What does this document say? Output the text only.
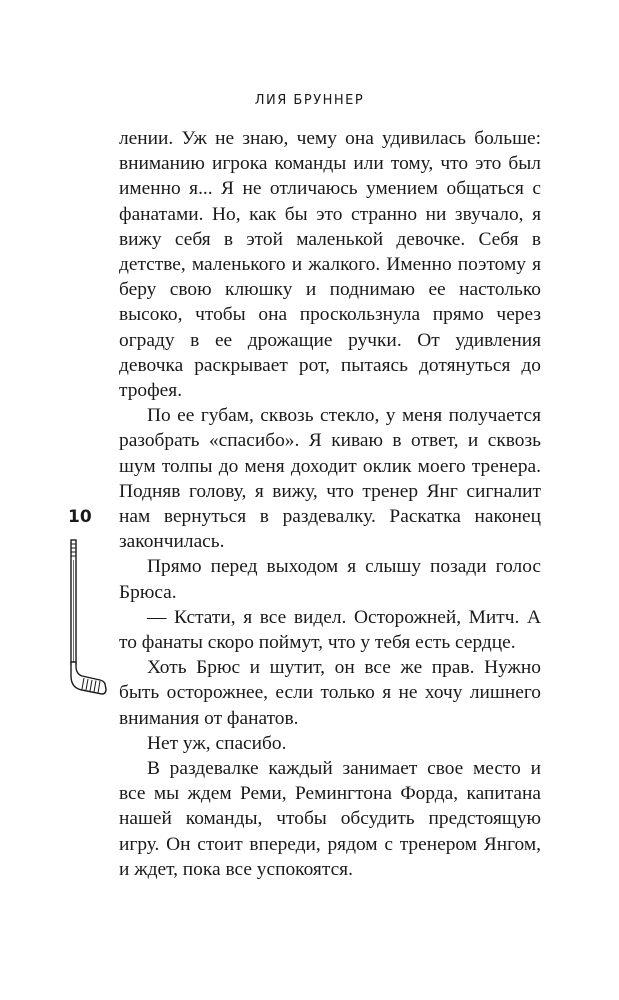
ЛИЯ БРУННЕР

лении. Уж не знаю, чему она удивилась больше: вниманию игрока команды или тому, что это был именно я... Я не отличаюсь умением общаться с фанатами. Но, как бы это странно ни звучало, я вижу себя в этой маленькой девочке. Себя в детстве, маленького и жалкого. Именно поэтому я беру свою клюшку и поднимаю ее настолько высоко, чтобы она проскользнула прямо через ограду в ее дрожащие ручки. От удивления девочка раскрывает рот, пытаясь дотянуться до трофея.

По ее губам, сквозь стекло, у меня получается разобрать «спасибо». Я киваю в ответ, и сквозь шум толпы до меня доходит оклик моего тренера. Подняв голову, я вижу, что тренер Янг сигналит нам вернуться в раздевалку. Раскатка наконец закончилась.

Прямо перед выходом я слышу позади голос Брюса.

— Кстати, я все видел. Осторожней, Митч. А то фанаты скоро поймут, что у тебя есть сердце.

Хоть Брюс и шутит, он все же прав. Нужно быть осторожнее, если только я не хочу лишнего внимания от фанатов.

Нет уж, спасибо.

В раздевалке каждый занимает свое место и все мы ждем Реми, Ремингтона Форда, капитана нашей команды, чтобы обсудить предстоящую игру. Он стоит впереди, рядом с тренером Янгом, и ждет, пока все успокоятся.

10
